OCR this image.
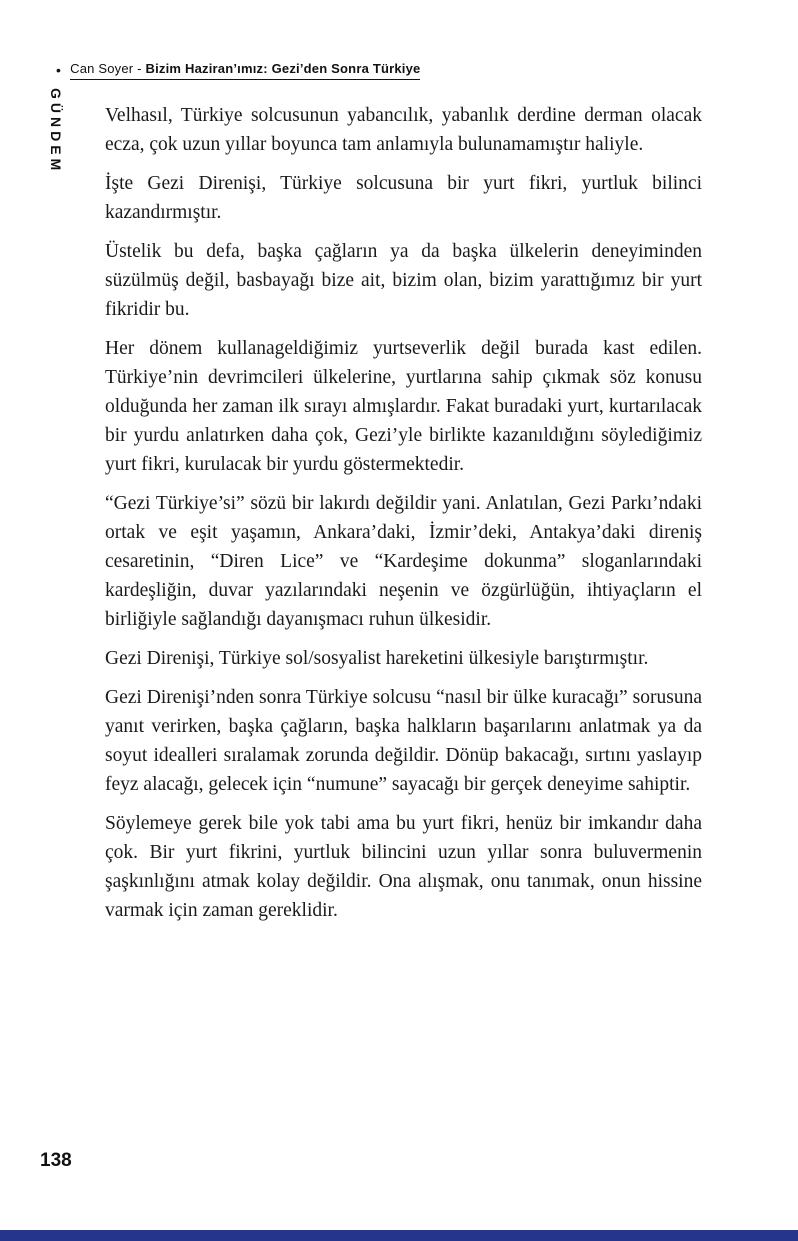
• Can Soyer - Bizim Haziran’ımız: Gezi’den Sonra Türkiye
GÜNDEM Velhasıl, Türkiye solcusunun yabancılık, yabanlık derdine derman olacak ecza, çok uzun yıllar boyunca tam anlamıyla bulunamamıştır haliyle.

İşte Gezi Direnişi, Türkiye solcusuna bir yurt fikri, yurtluk bilinci kazandırmıştır.

Üstelik bu defa, başka çağların ya da başka ülkelerin deneyiminden süzülmüş değil, basbayağı bize ait, bizim olan, bizim yarattığımız bir yurt fikridir bu.

Her dönem kullanageldiğimiz yurtseverlik değil burada kast edilen. Türkiye’nin devrimcileri ülkelerine, yurtlarına sahip çıkmak söz konusu olduğunda her zaman ilk sırayı almışlardır. Fakat buradaki yurt, kurtarılacak bir yurdu anlatırken daha çok, Gezi’yle birlikte kazanıldığını söylediğimiz yurt fikri, kurulacak bir yurdu göstermektedir.

“Gezi Türkiye’si” sözü bir lakırdı değildir yani. Anlatılan, Gezi Parkı’ndaki ortak ve eşit yaşamın, Ankara’daki, İzmir’deki, Antakya’daki direniş cesaretinin, “Diren Lice” ve “Kardeşime dokunma” sloganlarındaki kardeşliğin, duvar yazılarındaki neşenin ve özgürlüğün, ihtiyaçların el birliğiyle sağlandığı dayanışmacı ruhun ülkesidir.

Gezi Direnişi, Türkiye sol/sosyalist hareketini ülkesiyle barıştırmıştır.

Gezi Direnişi’nden sonra Türkiye solcusu “nasıl bir ülke kuracağı” sorusuna yanıt verirken, başka çağların, başka halkların başarılarını anlatmak ya da soyut idealleri sıralamak zorunda değildir. Dönüp bakacağı, sırtını yaslayıp feyz alacağı, gelecek için “numune” sayacağı bir gerçek deneyime sahiptir.

Söylemeye gerek bile yok tabi ama bu yurt fikri, henüz bir imkandır daha çok. Bir yurt fikrini, yurtluk bilincini uzun yıllar sonra buluvermenin şaşkınlığını atmak kolay değildir. Ona alışmak, onu tanımak, onun hissine varmak için zaman gereklidir.

138
